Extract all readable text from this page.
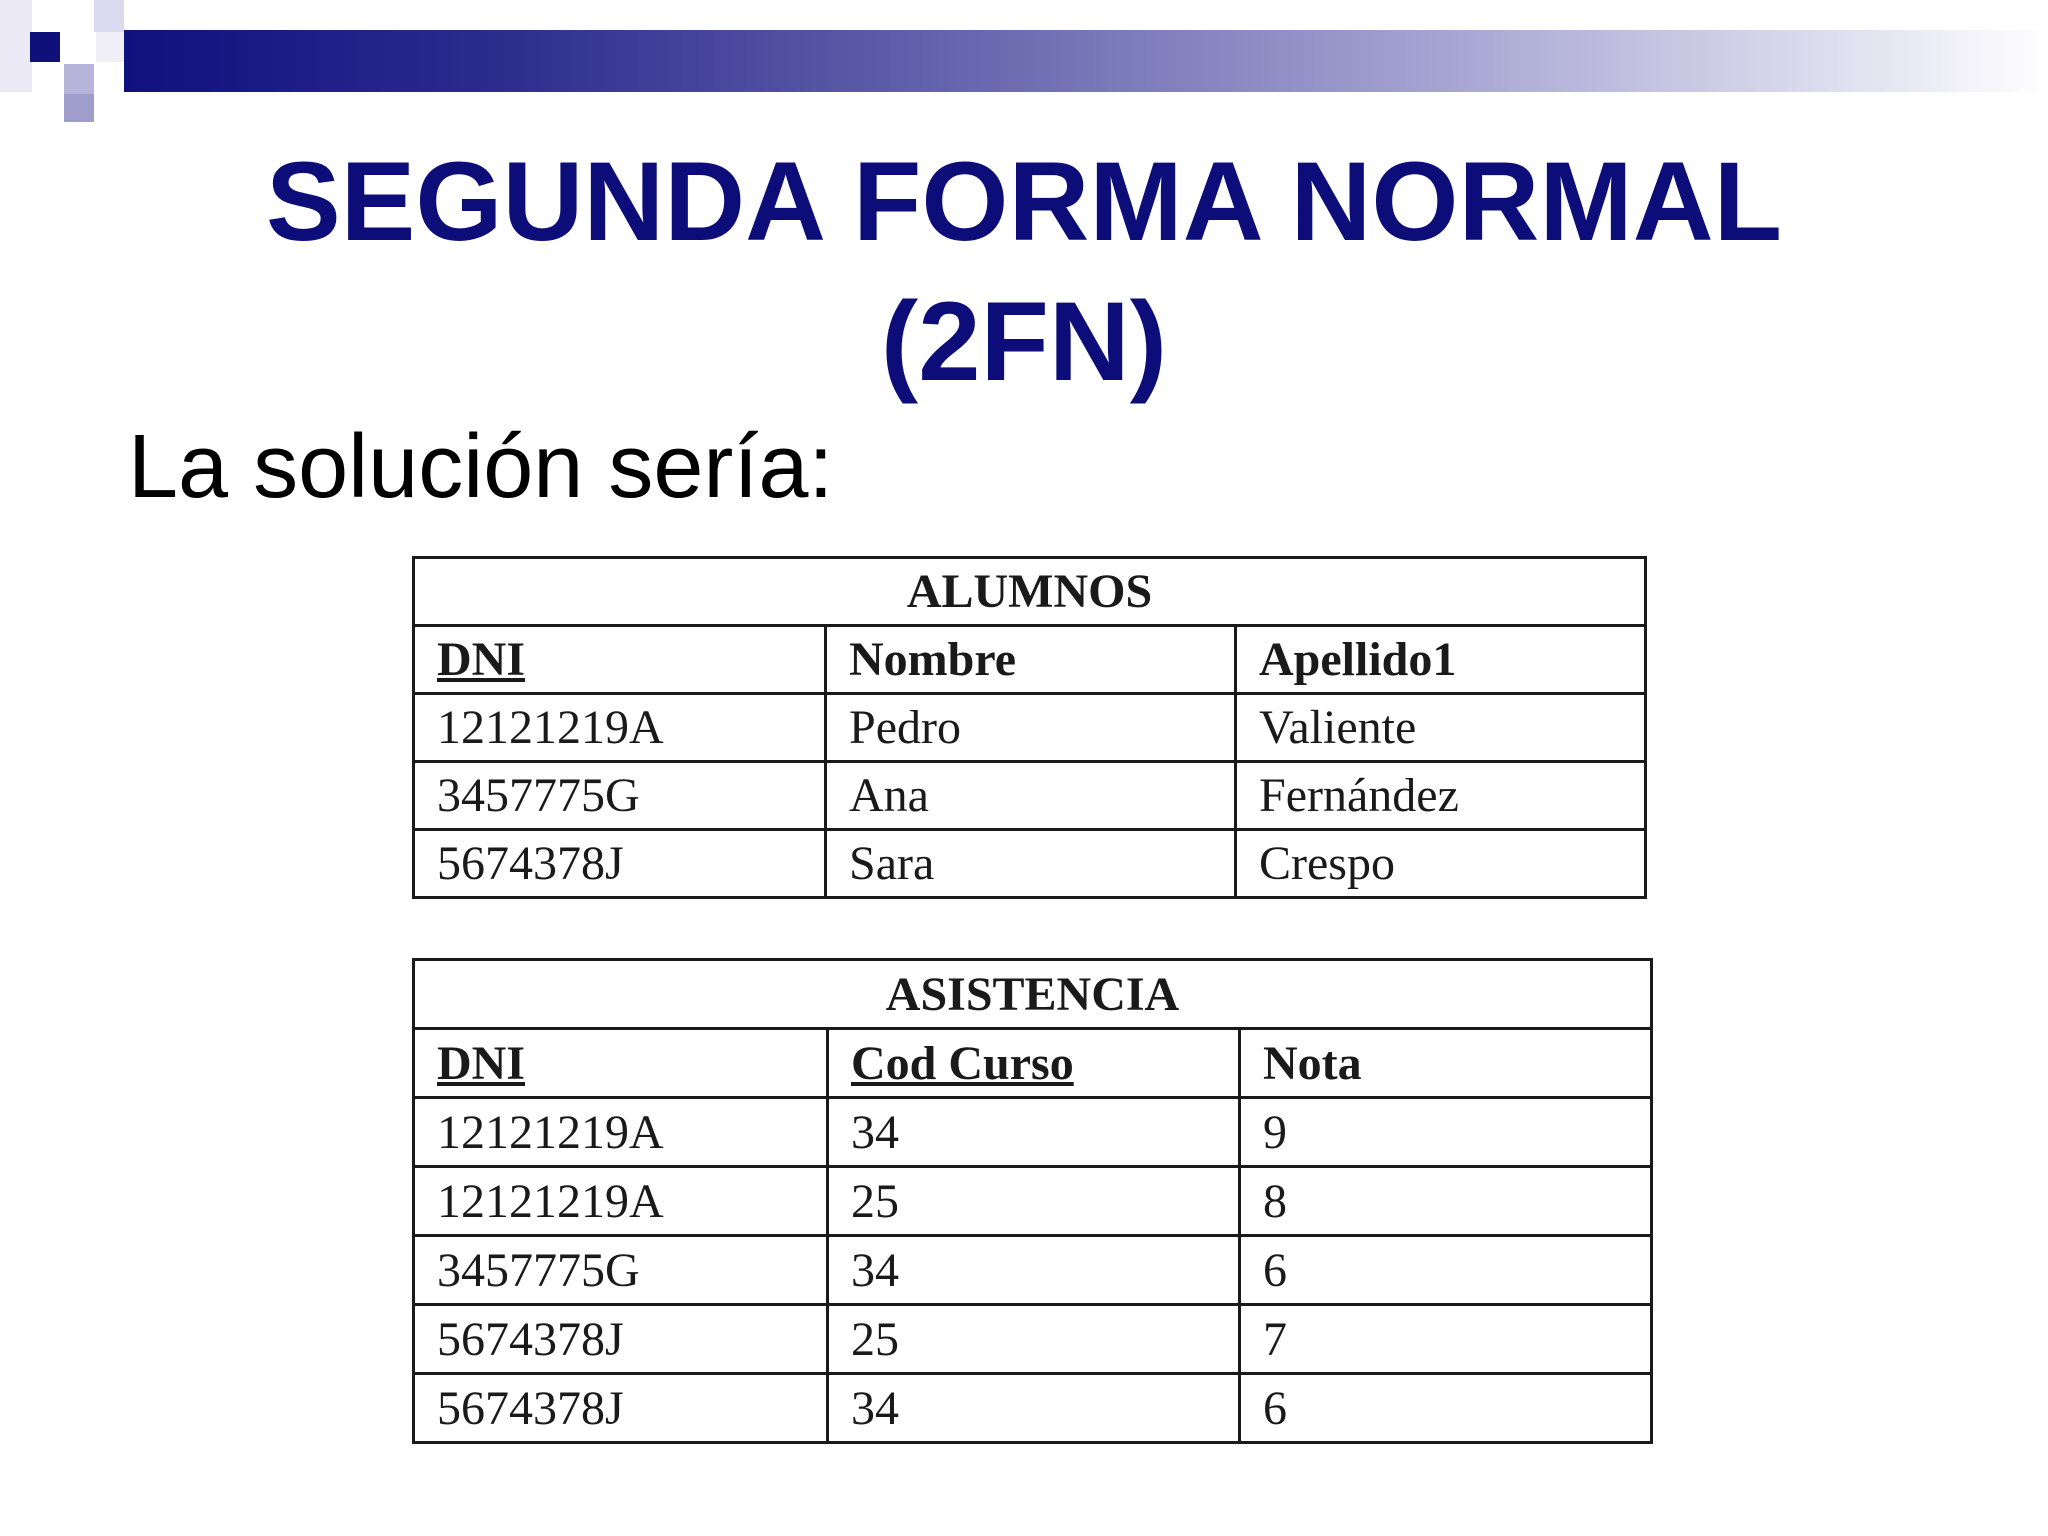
SEGUNDA FORMA NORMAL
(2FN)

La solución sería:

ALUMNOS		
DNI	Nombre	Apellido1
12121219A	Pedro	Valiente
3457775G	Ana	Fernández
5674378J	Sara	Crespo
ASISTENCIA		
DNI	Cod Curso	Nota
12121219A	34	9
12121219A	25	8
3457775G	34	6
5674378J	25	7
5674378J	34	6
